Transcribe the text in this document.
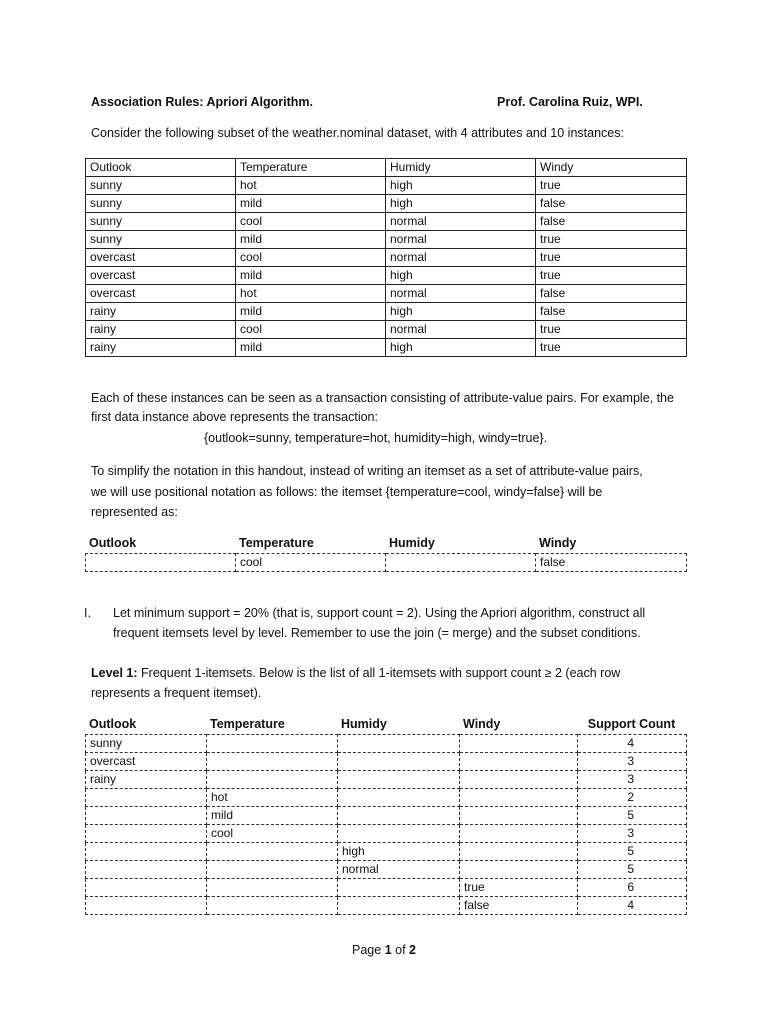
Association Rules: Apriori Algorithm.	Prof. Carolina Ruiz, WPI.
Consider the following subset of the weather.nominal dataset, with 4 attributes and 10 instances:
Outlook	Temperature	Humidy	Windy
sunny	hot	high	true
sunny	mild	high	false
sunny	cool	normal	false
sunny	mild	normal	true
overcast	cool	normal	true
overcast	mild	high	true
overcast	hot	normal	false
rainy	mild	high	false
rainy	cool	normal	true
rainy	mild	high	true
Each of these instances can be seen as a transaction consisting of attribute-value pairs. For example, the
first data instance above represents the transaction:
{outlook=sunny, temperature=hot, humidity=high, windy=true}.
To simplify the notation in this handout, instead of writing an itemset as a set of attribute-value pairs,
we will use positional notation as follows: the itemset {temperature=cool, windy=false} will be
represented as:
Outlook	Temperature	Humidy	Windy
	cool		false
I. Let minimum support = 20% (that is, support count = 2). Using the Apriori algorithm, construct all
frequent itemsets level by level. Remember to use the join (= merge) and the subset conditions.
Level 1: Frequent 1-itemsets. Below is the list of all 1-itemsets with support count ≥ 2 (each row
represents a frequent itemset).
Outlook	Temperature	Humidy	Windy	Support Count
sunny				4
overcast				3
rainy				3
	hot			2
	mild			5
	cool			3
		high		5
		normal		5
			true	6
			false	4
Page 1 of 2
